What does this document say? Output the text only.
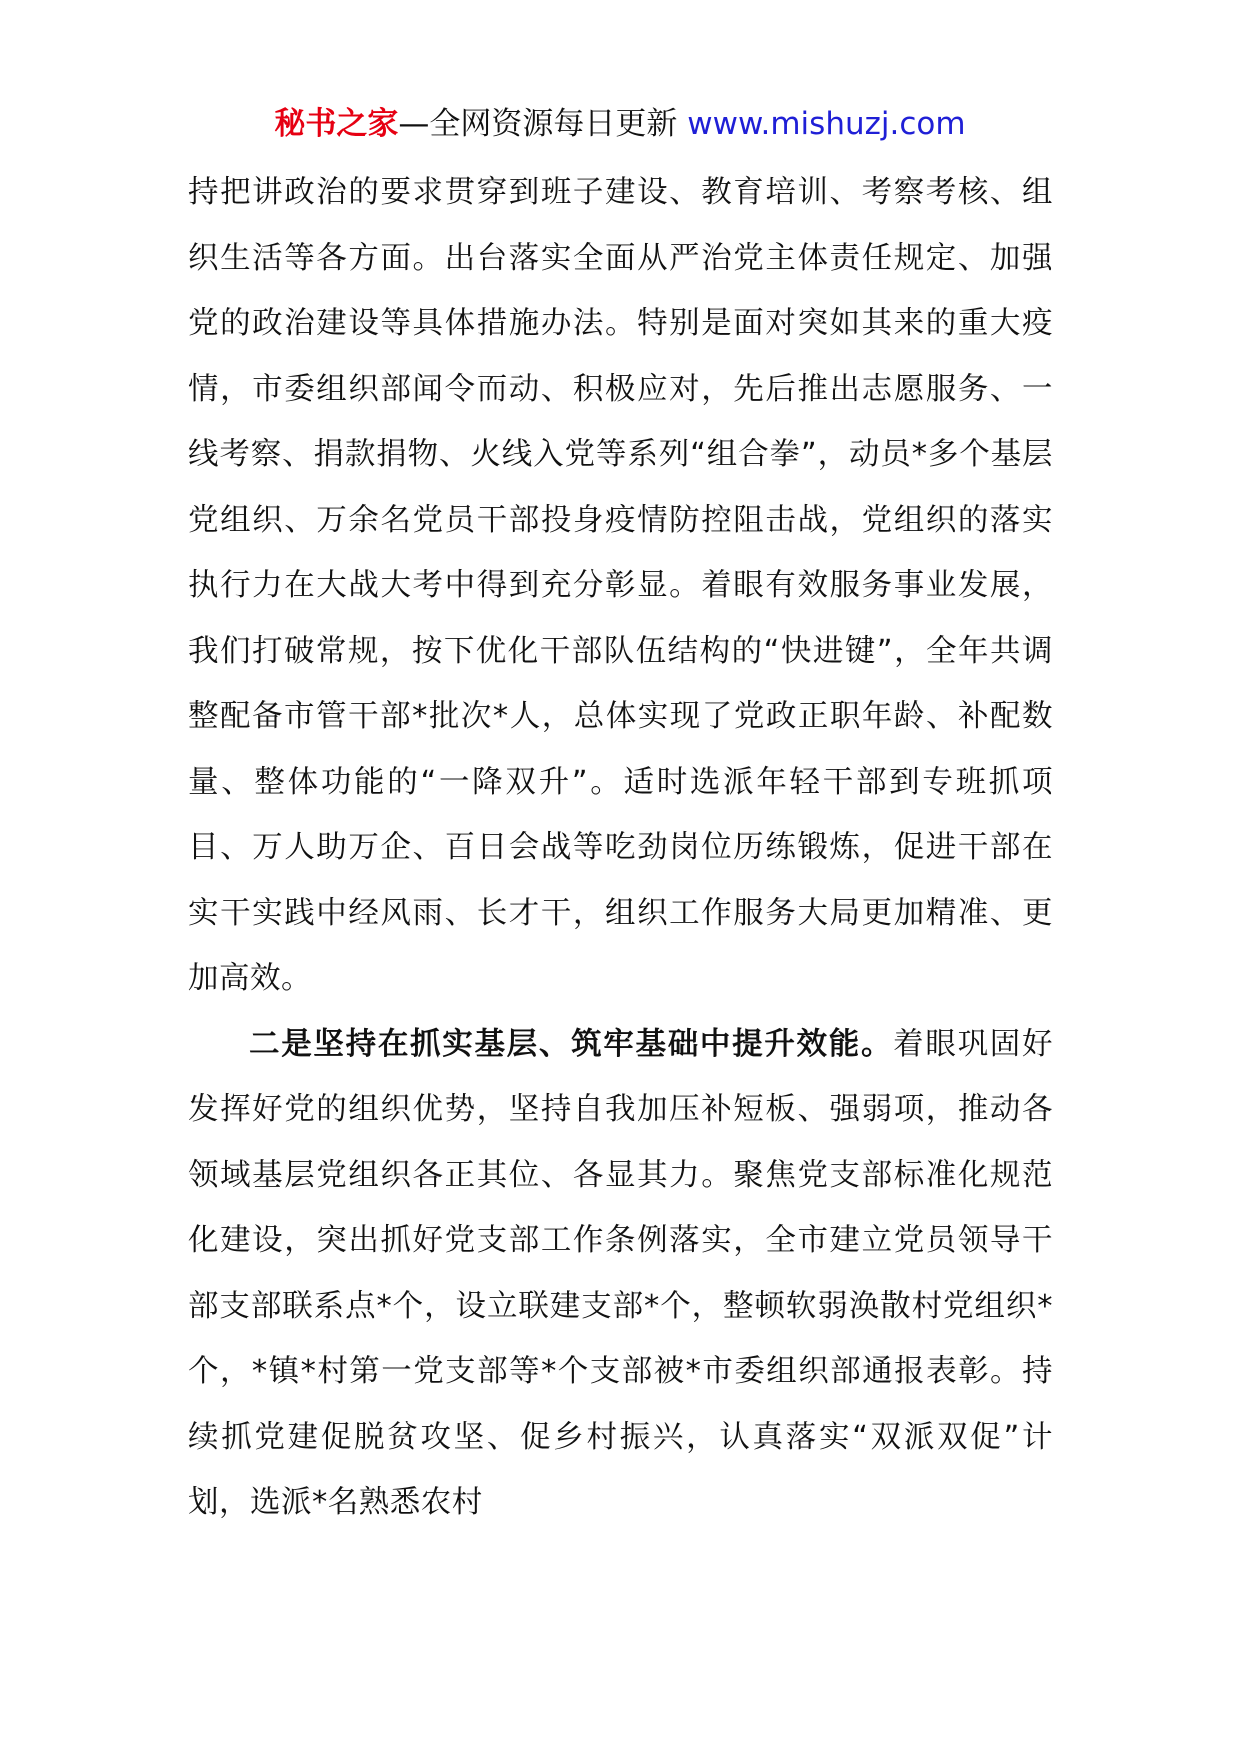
秘书之家—全网资源每日更新 www.mishuzj.com

持把讲政治的要求贯穿到班子建设、教育培训、考察考核、组织生活等各方面。出台落实全面从严治党主体责任规定、加强党的政治建设等具体措施办法。特别是面对突如其来的重大疫情，市委组织部闻令而动、积极应对，先后推出志愿服务、一线考察、捐款捐物、火线入党等系列“组合拳”，动员*多个基层党组织、万余名党员干部投身疫情防控阻击战，党组织的落实执行力在大战大考中得到充分彰显。着眼有效服务事业发展，我们打破常规，按下优化干部队伍结构的“快进键”，全年共调整配备市管干部*批次*人，总体实现了党政正职年龄、补配数量、整体功能的“一降双升”。适时选派年轻干部到专班抓项目、万人助万企、百日会战等吃劲岗位历练锻炼，促进干部在实干实践中经风雨、长才干，组织工作服务大局更加精准、更加高效。

二是坚持在抓实基层、筑牢基础中提升效能。着眼巩固好发挥好党的组织优势，坚持自我加压补短板、强弱项，推动各领域基层党组织各正其位、各显其力。聚焦党支部标准化规范化建设，突出抓好党支部工作条例落实，全市建立党员领导干部支部联系点*个，设立联建支部*个，整顿软弱涣散村党组织*个，*镇*村第一党支部等*个支部被*市委组织部通报表彰。持续抓党建促脱贫攻坚、促乡村振兴，认真落实“双派双促”计划，选派*名熟悉农村
